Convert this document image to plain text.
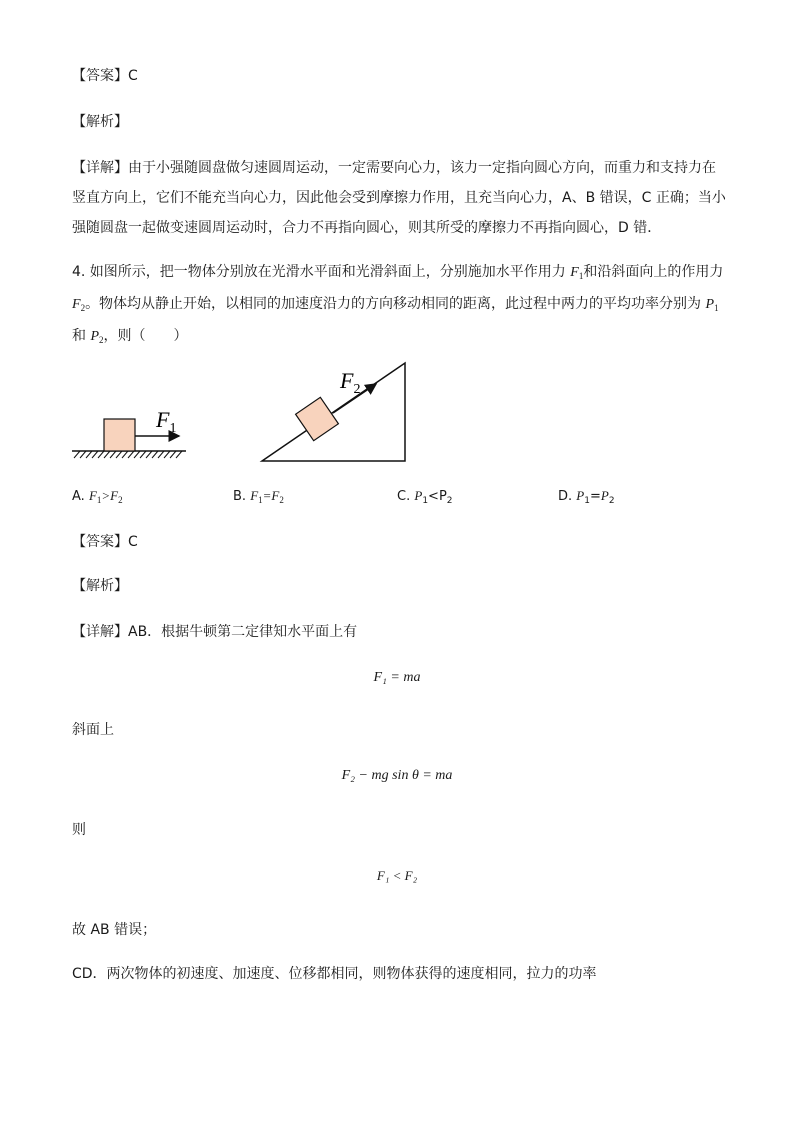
【答案】C
【解析】
【详解】由于小强随圆盘做匀速圆周运动，一定需要向心力，该力一定指向圆心方向，而重力和支持力在
竖直方向上，它们不能充当向心力，因此他会受到摩擦力作用，且充当向心力，A、B 错误，C 正确；当小
强随圆盘一起做变速圆周运动时，合力不再指向圆心，则其所受的摩擦力不再指向圆心，D 错．
4. 如图所示，把一物体分别放在光滑水平面和光滑斜面上，分别施加水平作用力 $F_1$和沿斜面向上的作用力
$F_2$。物体均从静止开始，以相同的加速度沿力的方向移动相同的距离，此过程中两力的平均功率分别为 $P_1$
和 $P_2$，则（　　）
$F_1$
$F_2$
A. $F_1>F_2$	B. $F_1=F_2$	C. $P_1<P_2$	D. $P_1=P_2$
【答案】C
【解析】
【详解】AB．根据牛顿第二定律知水平面上有
F₁ = ma
斜面上
F₂ − mg sin θ = ma
则
F₁ < F₂
故 AB 错误；
CD．两次物体的初速度、加速度、位移都相同，则物体获得的速度相同，拉力的功率
